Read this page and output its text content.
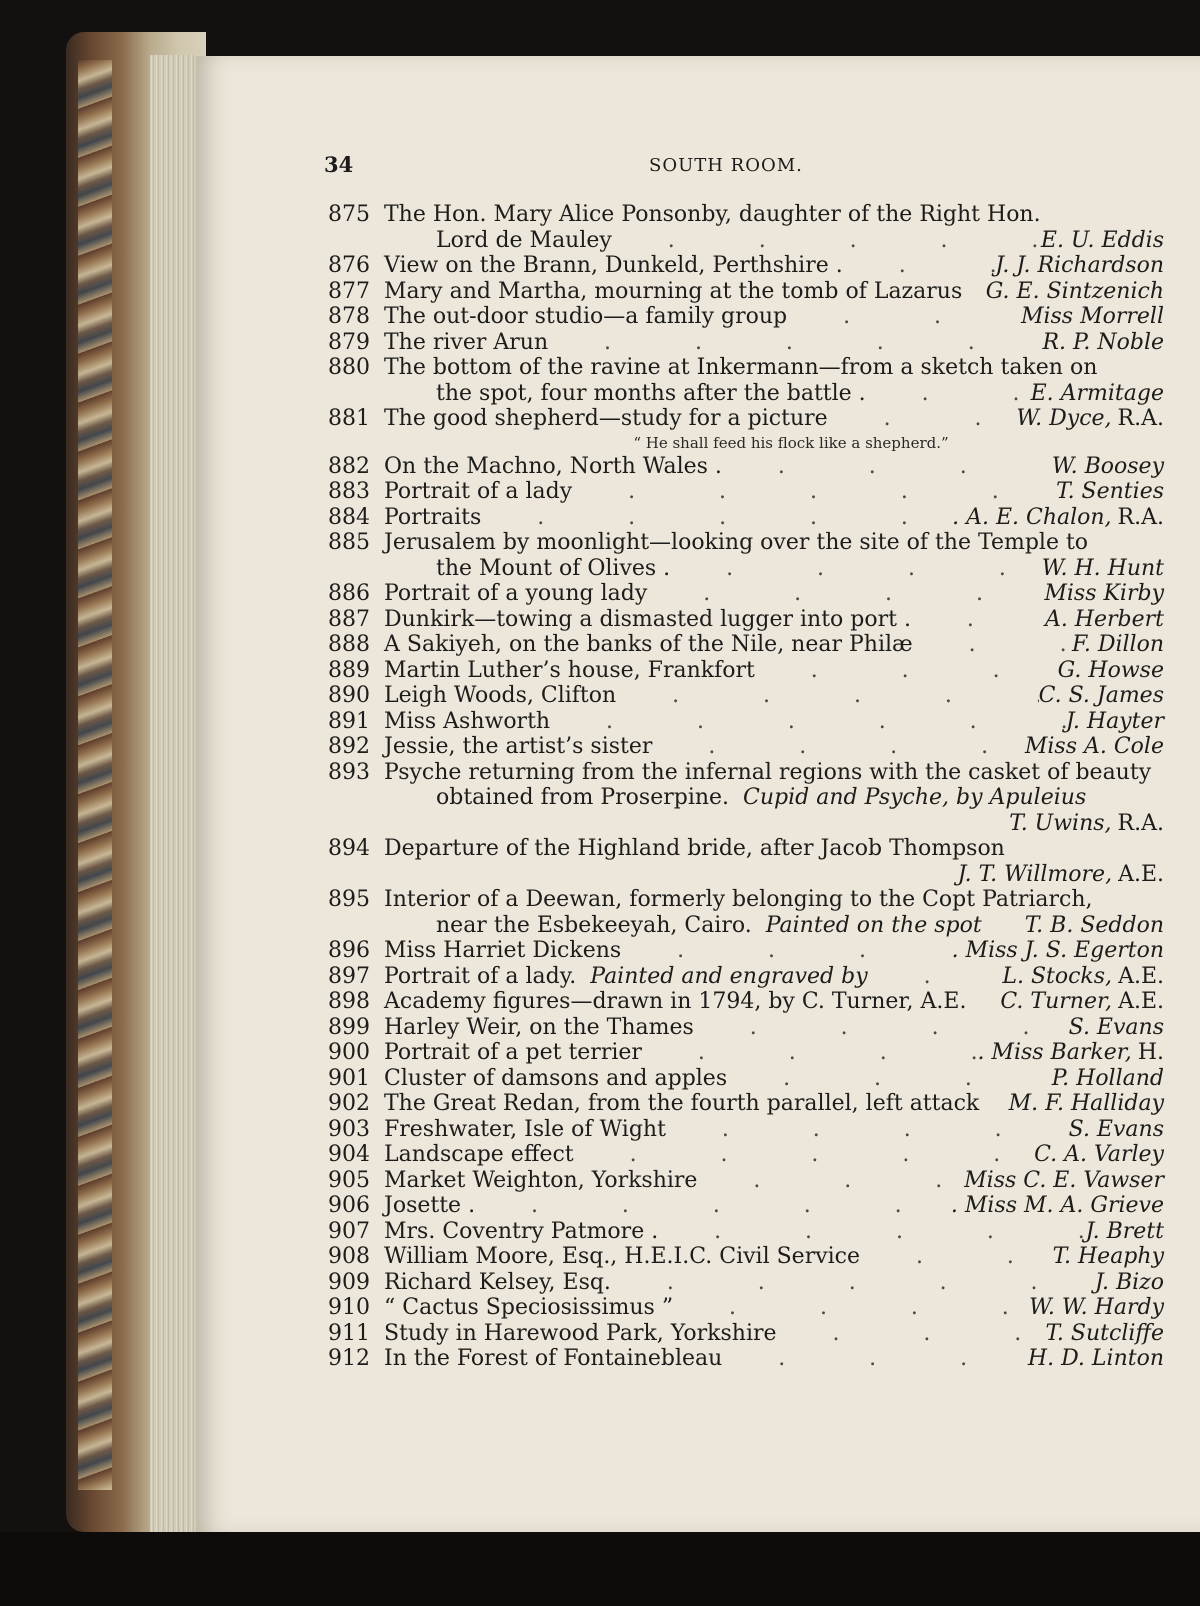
34	SOUTH ROOM.
875 The Hon. Mary Alice Ponsonby, daughter of the Right Hon.
Lord de Mauley .	E. U. Eddis
876 View on the Brann, Dunkeld, Perthshire . .	J. J. Richardson
877 Mary and Martha, mourning at the tomb of Lazarus . G. E. Sintzenich
878 The out-door studio—a family group .	Miss Morrell
879 The river Arun .	R. P. Noble
880 The bottom of the ravine at Inkermann—from a sketch taken on
the spot, four months after the battle . .	E. Armitage
881 The good shepherd—study for a picture .	W. Dyce, R.A.
“ He shall feed his flock like a shepherd.”
882 On the Machno, North Wales . .	W. Boosey
883 Portrait of a lady .	T. Senties
884 Portraits .	. A. E. Chalon, R.A.
885 Jerusalem by moonlight—looking over the site of the Temple to
the Mount of Olives . .	W. H. Hunt
886 Portrait of a young lady .	Miss Kirby
887 Dunkirk—towing a dismasted lugger into port . .	A. Herbert
888 A Sakiyeh, on the banks of the Nile, near Philæ .	F. Dillon
889 Martin Luther’s house, Frankfort .	G. Howse
890 Leigh Woods, Clifton .	C. S. James
891 Miss Ashworth .	J. Hayter
892 Jessie, the artist’s sister .	Miss A. Cole
893 Psyche returning from the infernal regions with the casket of beauty
obtained from Proserpine. Cupid and Psyche, by Apuleius
T. Uwins, R.A.
894 Departure of the Highland bride, after Jacob Thompson
J. T. Willmore, A.E.
895 Interior of a Deewan, formerly belonging to the Copt Patriarch,
near the Esbekeeyah, Cairo. Painted on the spot . T. B. Seddon
896 Miss Harriet Dickens .	. Miss J. S. Egerton
897 Portrait of a lady. Painted and engraved by .	L. Stocks, A.E.
898 Academy figures—drawn in 1794, by C. Turner, A.E. . C. Turner, A.E.
899 Harley Weir, on the Thames .	S. Evans
900 Portrait of a pet terrier .	. Miss Barker, H.
901 Cluster of damsons and apples .	P. Holland
902 The Great Redan, from the fourth parallel, left attack . M. F. Halliday
903 Freshwater, Isle of Wight .	S. Evans
904 Landscape effect .	C. A. Varley
905 Market Weighton, Yorkshire .	Miss C. E. Vawser
906 Josette . .	. Miss M. A. Grieve
907 Mrs. Coventry Patmore . .	J. Brett
908 William Moore, Esq., H.E.I.C. Civil Service .	T. Heaphy
909 Richard Kelsey, Esq. .	J. Bizo
910 “ Cactus Speciosissimus ” .	W. W. Hardy
911 Study in Harewood Park, Yorkshire .	T. Sutcliffe
912 In the Forest of Fontainebleau .	H. D. Linton
